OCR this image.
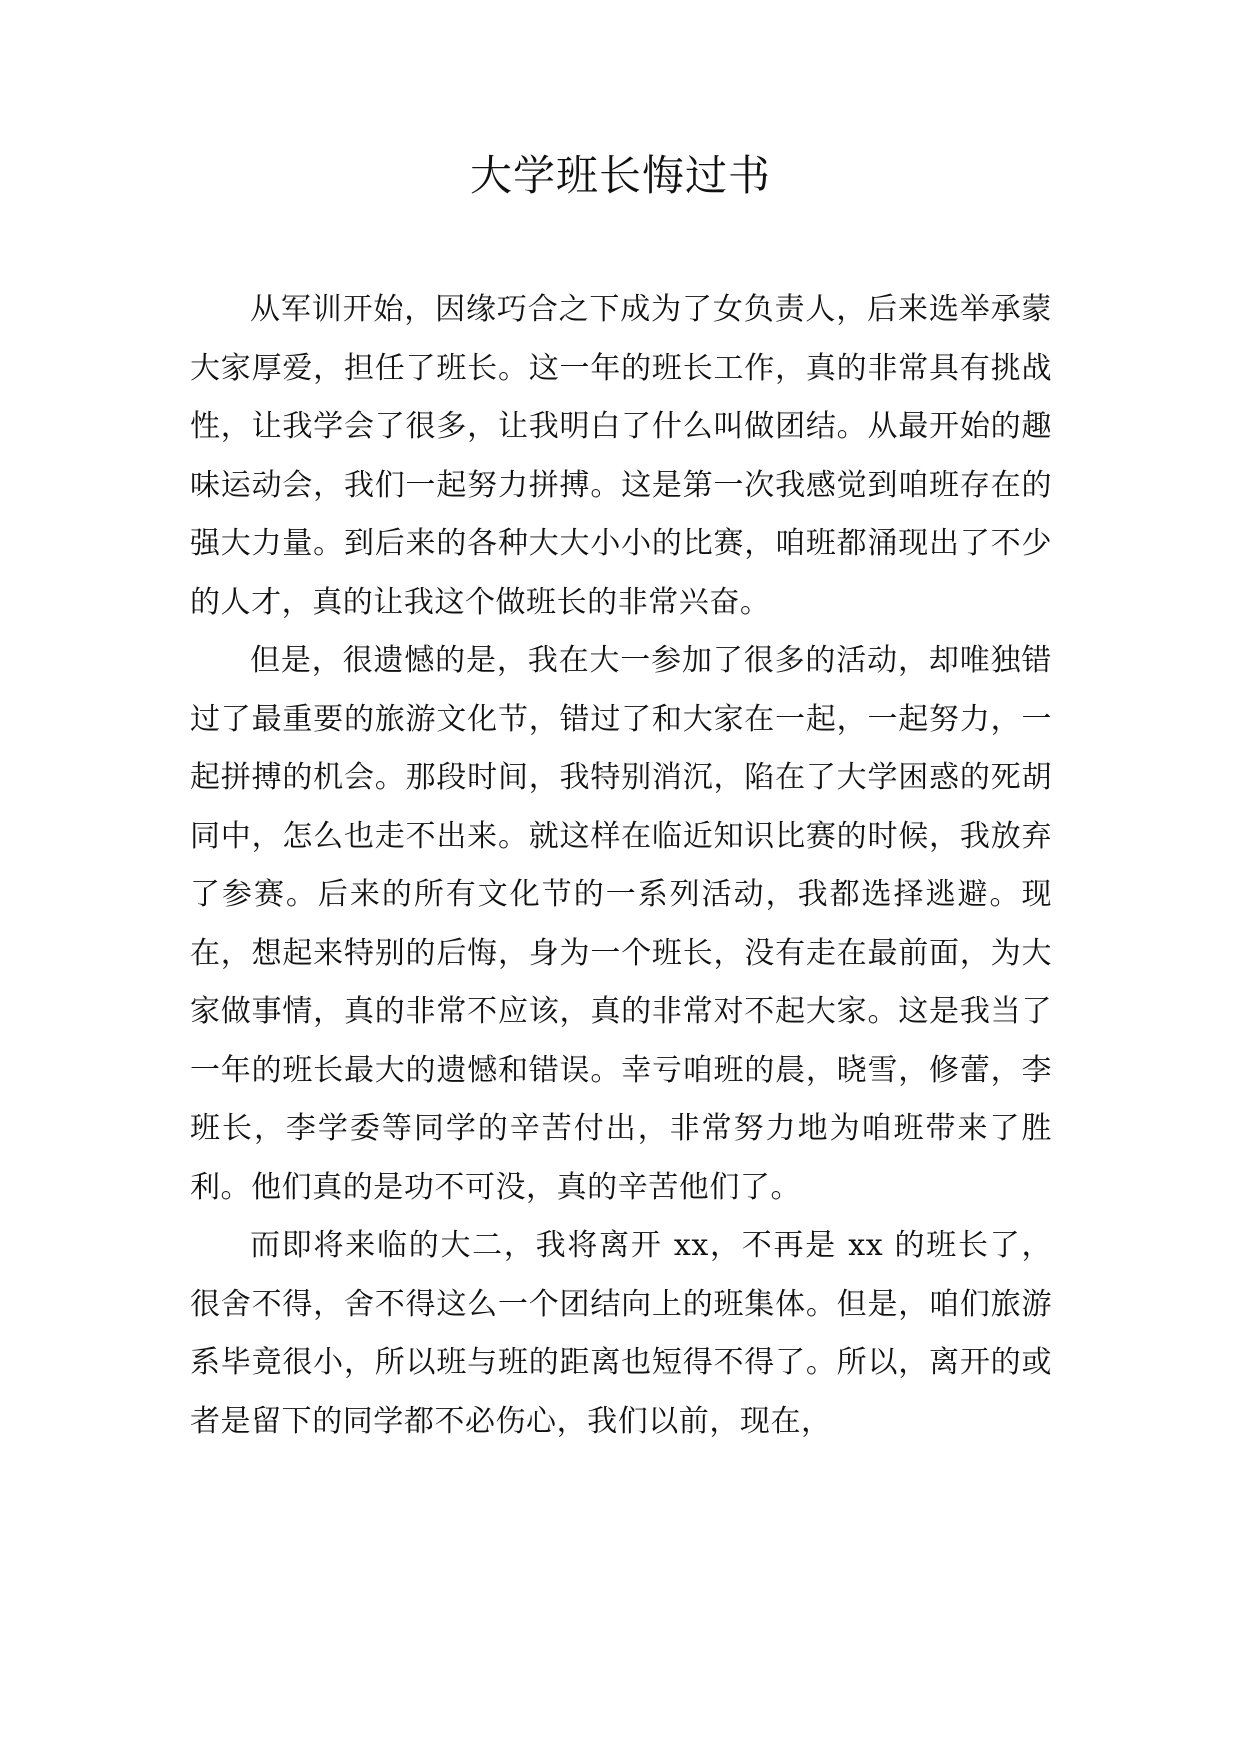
大学班长悔过书

从军训开始，因缘巧合之下成为了女负责人，后来选举承蒙大家厚爱，担任了班长。这一年的班长工作，真的非常具有挑战性，让我学会了很多，让我明白了什么叫做团结。从最开始的趣味运动会，我们一起努力拼搏。这是第一次我感觉到咱班存在的强大力量。到后来的各种大大小小的比赛，咱班都涌现出了不少的人才，真的让我这个做班长的非常兴奋。

但是，很遗憾的是，我在大一参加了很多的活动，却唯独错过了最重要的旅游文化节，错过了和大家在一起，一起努力，一起拼搏的机会。那段时间，我特别消沉，陷在了大学困惑的死胡同中，怎么也走不出来。就这样在临近知识比赛的时候，我放弃了参赛。后来的所有文化节的一系列活动，我都选择逃避。现在，想起来特别的后悔，身为一个班长，没有走在最前面，为大家做事情，真的非常不应该，真的非常对不起大家。这是我当了一年的班长最大的遗憾和错误。幸亏咱班的晨，晓雪，修蕾，李班长，李学委等同学的辛苦付出，非常努力地为咱班带来了胜利。他们真的是功不可没，真的辛苦他们了。

而即将来临的大二，我将离开 xx，不再是 xx 的班长了，很舍不得，舍不得这么一个团结向上的班集体。但是，咱们旅游系毕竟很小，所以班与班的距离也短得不得了。所以，离开的或者是留下的同学都不必伤心，我们以前，现在，
